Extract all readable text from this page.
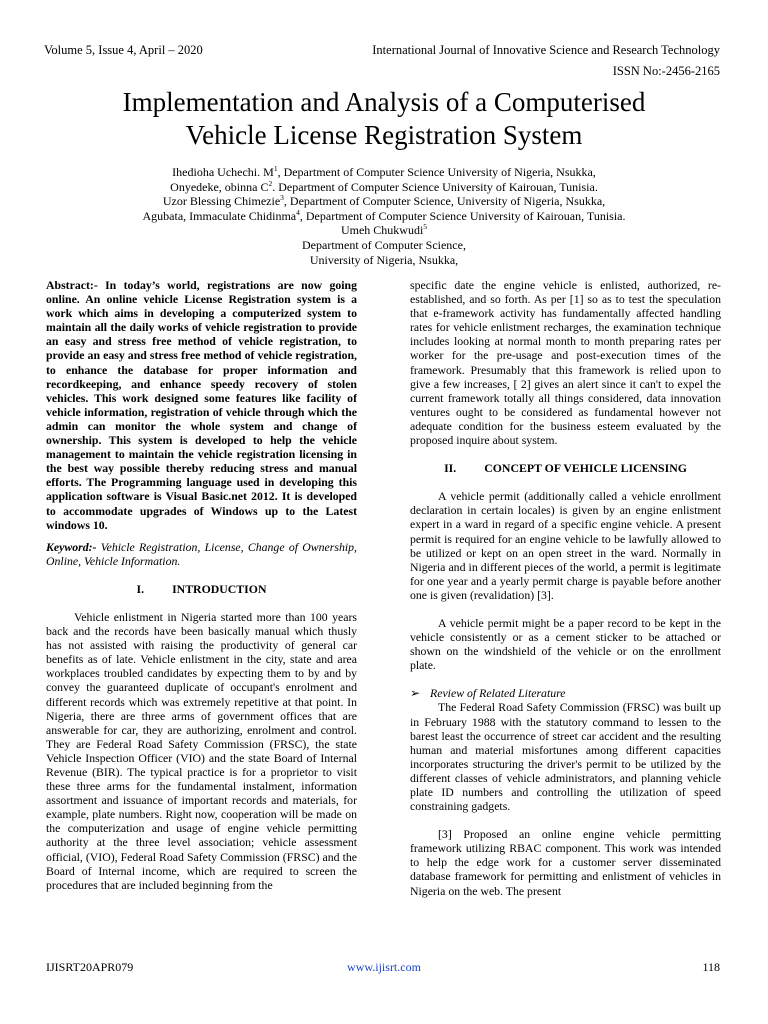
Volume 5, Issue 4, April – 2020	International Journal of Innovative Science and Research Technology
ISSN No:-2456-2165
Implementation and Analysis of a Computerised
Vehicle License Registration System
Ihedioha Uchechi. $M^1$, Department of Computer Science University of Nigeria, Nsukka,
Onyedeke, obinna $C^2$. Department of Computer Science University of Kairouan, Tunisia.
Uzor Blessing Chimezie$^3$, Department of Computer Science, University of Nigeria, Nsukka,
Agubata, Immaculate Chidinma$^4$, Department of Computer Science University of Kairouan, Tunisia.
Umeh Chukwudi$^5$
Department of Computer Science,
University of Nigeria, Nsukka,

Abstract:- In today’s world, registrations are now going online. An online vehicle License Registration system is a work which aims in developing a computerized system to maintain all the daily works of vehicle registration to provide an easy and stress free method of vehicle registration, to provide an easy and stress free method of vehicle registration, to enhance the database for proper information and recordkeeping, and enhance speedy recovery of stolen vehicles. This work designed some features like facility of vehicle information, registration of vehicle through which the admin can monitor the whole system and change of ownership. This system is developed to help the vehicle management to maintain the vehicle registration licensing in the best way possible thereby reducing stress and manual efforts. The Programming language used in developing this application software is Visual Basic.net 2012. It is developed to accommodate upgrades of Windows up to the Latest windows 10.

Keyword:- Vehicle Registration, License, Change of Ownership, Online, Vehicle Information.

I. INTRODUCTION

Vehicle enlistment in Nigeria started more than 100 years back and the records have been basically manual which thusly has not assisted with raising the productivity of general car benefits as of late. Vehicle enlistment in the city, state and area workplaces troubled candidates by expecting them to by and by convey the guaranteed duplicate of occupant's enrolment and different records which was extremely repetitive at that point. In Nigeria, there are three arms of government offices that are answerable for car, they are authorizing, enrolment and control. They are Federal Road Safety Commission (FRSC), the state Vehicle Inspection Officer (VIO) and the state Board of Internal Revenue (BIR). The typical practice is for a proprietor to visit these three arms for the fundamental instalment, information assortment and issuance of important records and materials, for example, plate numbers. Right now, cooperation will be made on the computerization and usage of engine vehicle permitting authority at the three level association; vehicle assessment official, (VIO), Federal Road Safety Commission (FRSC) and the Board of Internal income, which are required to screen the procedures that are included beginning from the

specific date the engine vehicle is enlisted, authorized, re-established, and so forth. As per [1] so as to test the speculation that e-framework activity has fundamentally affected handling rates for vehicle enlistment recharges, the examination technique includes looking at normal month to month preparing rates per worker for the pre-usage and post-execution times of the framework. Presumably that this framework is relied upon to give a few increases, [ 2] gives an alert since it can't to expel the current framework totally all things considered, data innovation ventures ought to be considered as fundamental however not adequate condition for the business esteem evaluated by the proposed inquire about system.

II. CONCEPT OF VEHICLE LICENSING

A vehicle permit (additionally called a vehicle enrollment declaration in certain locales) is given by an engine enlistment expert in a ward in regard of a specific engine vehicle. A present permit is required for an engine vehicle to be lawfully allowed to be utilized or kept on an open street in the ward. Normally in Nigeria and in different pieces of the world, a permit is legitimate for one year and a yearly permit charge is payable before another one is given (revalidation) [3].

A vehicle permit might be a paper record to be kept in the vehicle consistently or as a cement sticker to be attached or shown on the windshield of the vehicle or on the enrollment plate.

➢ Review of Related Literature

The Federal Road Safety Commission (FRSC) was built up in February 1988 with the statutory command to lessen to the barest least the occurrence of street car accident and the resulting human and material misfortunes among different capacities incorporates structuring the driver's permit to be utilized by the different classes of vehicle administrators, and planning vehicle plate ID numbers and controlling the utilization of speed constraining gadgets.

[3] Proposed an online engine vehicle permitting framework utilizing RBAC component. This work was intended to help the edge work for a customer server disseminated database framework for permitting and enlistment of vehicles in Nigeria on the web. The present

IJISRT20APR079	www.ijisrt.com	118
